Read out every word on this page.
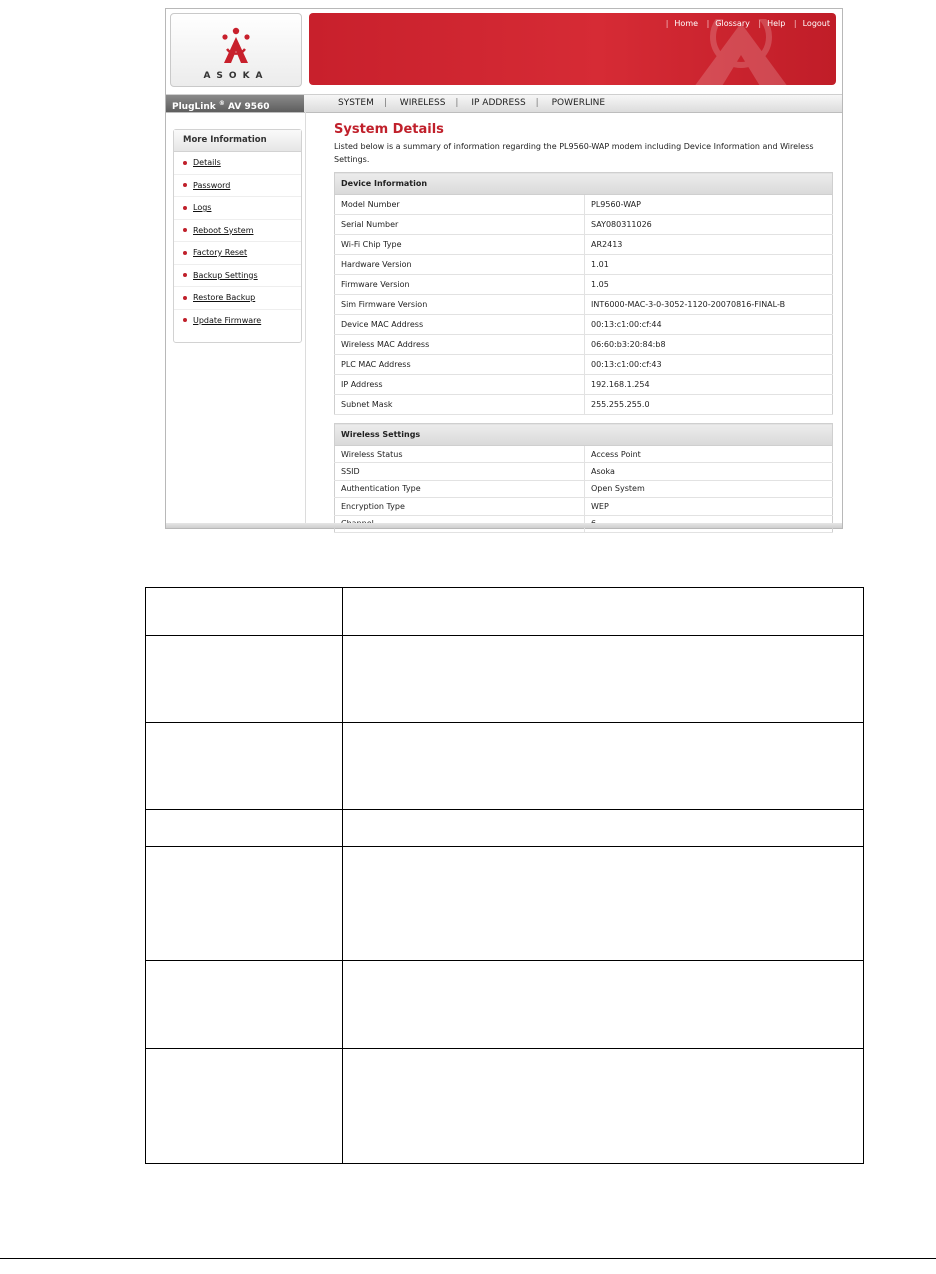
ASOKA
| Home | Glossary | Help | Logout
PlugLink ® AV 9560	SYSTEM | WIRELESS | IP ADDRESS | POWERLINE
More Information
Details
Password
Logs
Reboot System
Factory Reset
Backup Settings
Restore Backup
Update Firmware
System Details
Listed below is a summary of information regarding the PL9560-WAP modem including Device Information and Wireless Settings.
Device Information	
Model Number	PL9560-WAP
Serial Number	SAY080311026
Wi-Fi Chip Type	AR2413
Hardware Version	1.01
Firmware Version	1.05
Sim Firmware Version	INT6000-MAC-3-0-3052-1120-20070816-FINAL-B
Device MAC Address	00:13:c1:00:cf:44
Wireless MAC Address	06:60:b3:20:84:b8
PLC MAC Address	00:13:c1:00:cf:43
IP Address	192.168.1.254
Subnet Mask	255.255.255.0
Wireless Settings	
Wireless Status	Access Point
SSID	Asoka
Authentication Type	Open System
Encryption Type	WEP
